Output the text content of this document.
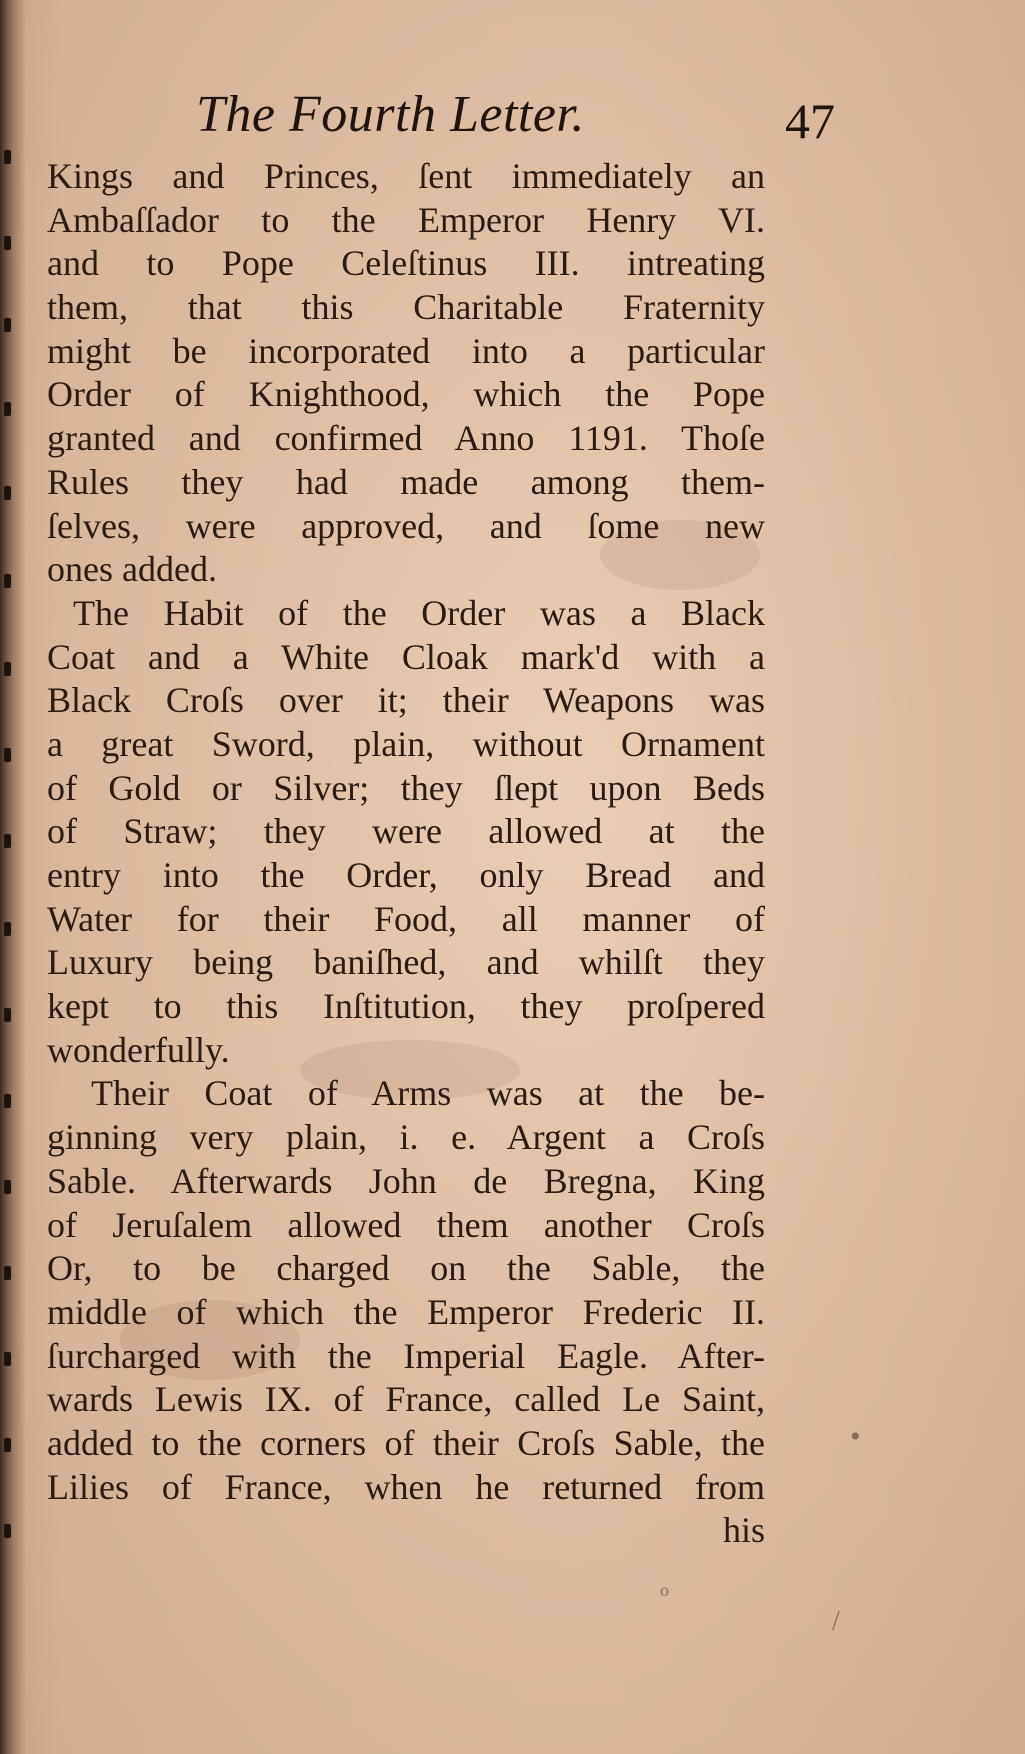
The Fourth Letter.	47
Kings and Princes, ſent immediately an
Ambaſſador to the Emperor Henry VI.
and to Pope Celeſtinus III. intreating
them, that this Charitable Fraternity
might be incorporated into a particular
Order of Knighthood, which the Pope
granted and confirmed Anno 1191. Thoſe
Rules they had made among them-
ſelves, were approved, and ſome new
ones added.
The Habit of the Order was a Black
Coat and a White Cloak mark'd with a
Black Croſs over it; their Weapons was
a great Sword, plain, without Ornament
of Gold or Silver; they ſlept upon Beds
of Straw; they were allowed at the
entry into the Order, only Bread and
Water for their Food, all manner of
Luxury being baniſhed, and whilſt they
kept to this Inſtitution, they proſpered
wonderfully.
Their Coat of Arms was at the be-
ginning very plain, i. e. Argent a Croſs
Sable. Afterwards John de Bregna, King
of Jeruſalem allowed them another Croſs
Or, to be charged on the Sable, the
middle of which the Emperor Frederic II.
ſurcharged with the Imperial Eagle. After-
wards Lewis IX. of France, called Le Saint,
added to the corners of their Croſs Sable, the
Lilies of France, when he returned from
his
•
o
/
